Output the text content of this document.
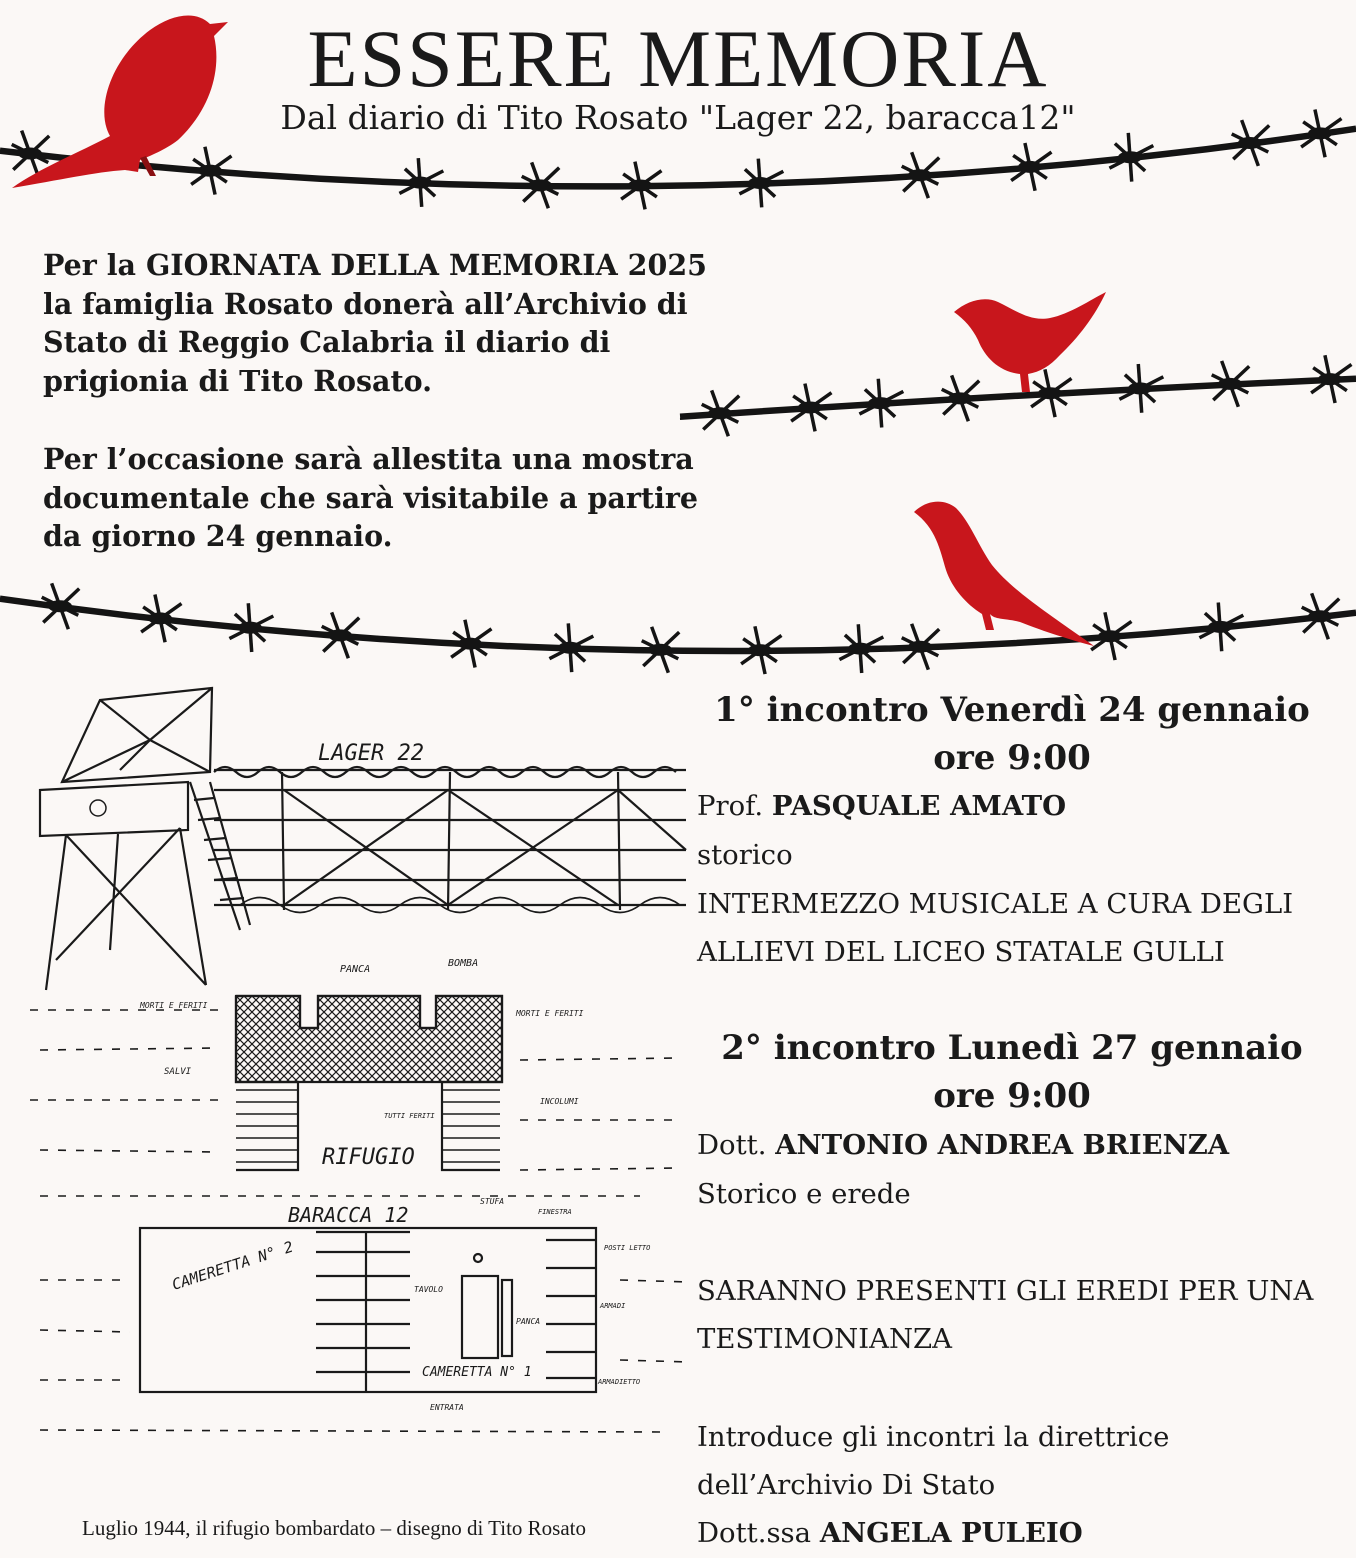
ESSERE MEMORIA
Dal diario di Tito Rosato "Lager 22, baracca12"
Per la GIORNATA DELLA MEMORIA 2025
la famiglia Rosato donerà all’Archivio di
Stato di Reggio Calabria il diario di
prigionia di Tito Rosato.
Per l’occasione sarà allestita una mostra
documentale che sarà visitabile a partire
da giorno 24 gennaio.
1° incontro Venerdì 24 gennaio
ore 9:00
Prof. PASQUALE AMATO
storico
INTERMEZZO MUSICALE A CURA DEGLI
ALLIEVI DEL LICEO STATALE GULLI
2° incontro Lunedì 27 gennaio
ore 9:00
Dott. ANTONIO ANDREA BRIENZA
Storico e erede
SARANNO PRESENTI GLI EREDI PER UNA
TESTIMONIANZA
Introduce gli incontri la direttrice
dell’Archivio Di Stato
Dott.ssa ANGELA PULEIO
LAGER 22
PANCA
BOMBA
MORTI E FERITI
MORTI E FERITI
SALVI
INCOLUMI
TUTTI FERITI
RIFUGIO
BARACCA 12
STUFA
FINESTRA
POSTI LETTO
ARMADI
ARMADIETTO
CAMERETTA N° 2	TAVOLO
PANCA
CAMERETTA N° 1
ENTRATA
Luglio 1944, il rifugio bombardato – disegno di Tito Rosato
